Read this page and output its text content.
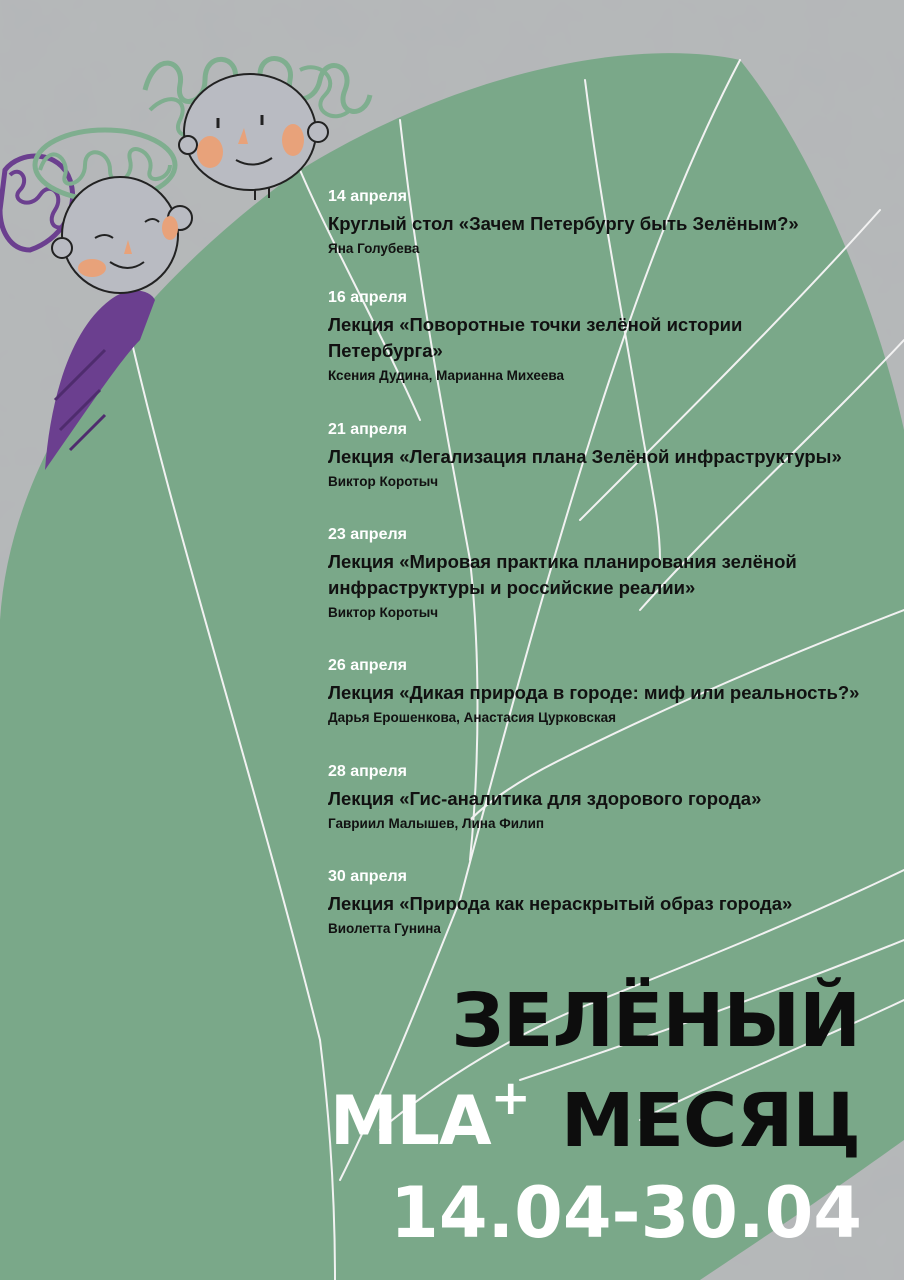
14 апреля
Круглый стол «Зачем Петербургу быть Зелёным?»
Яна Голубева
16 апреля
Лекция «Поворотные точки зелёной истории Петербурга»
Ксения Дудина, Марианна Михеева
21 апреля
Лекция «Легализация плана Зелёной инфраструктуры»
Виктор Коротыч
23 апреля
Лекция «Мировая практика планирования зелёной инфраструктуры и российские реалии»
Виктор Коротыч
26 апреля
Лекция «Дикая природа в городе: миф или реальность?»
Дарья Ерошенкова, Анастасия Цурковская
28 апреля
Лекция «Гис-аналитика для здорового города»
Гавриил Малышев, Лина Филип
30 апреля
Лекция «Природа как нераскрытый образ города»
Виолетта Гунина
ЗЕЛЁНЫЙ
MLA+ МЕСЯЦ
14.04-30.04
